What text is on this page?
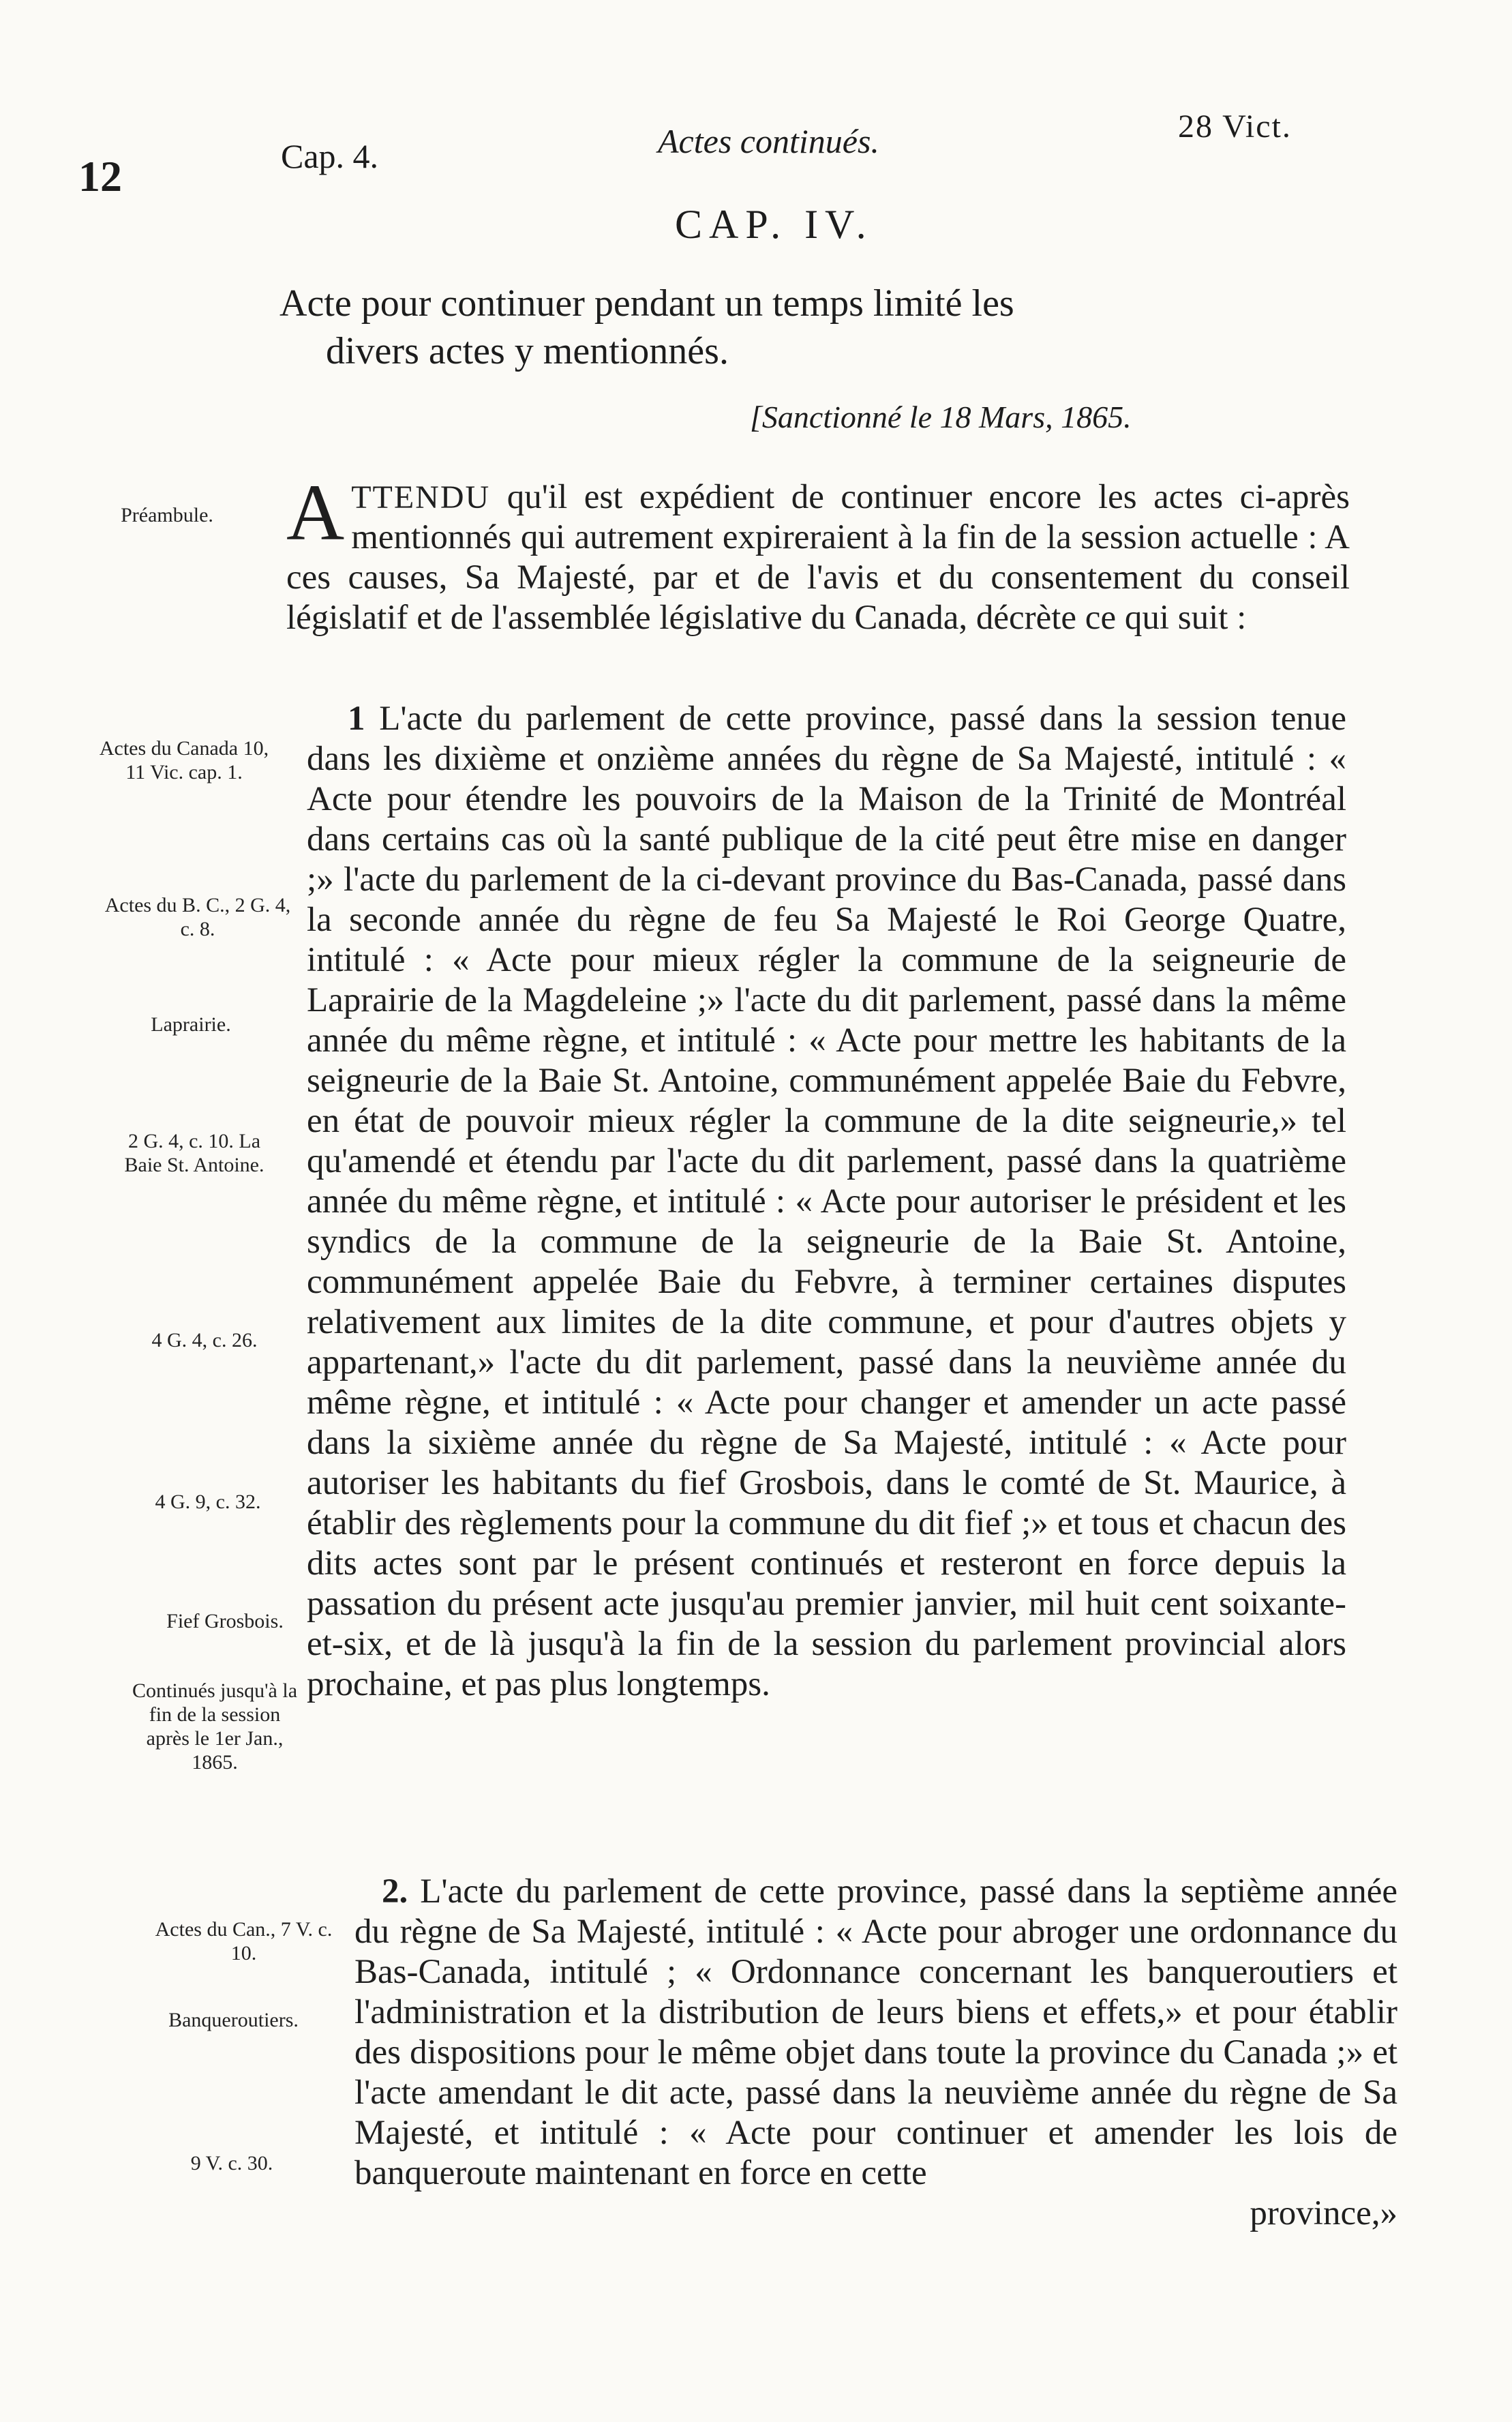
12	Cap. 4.	Actes continués.	28 Vict.
CAP. IV.
Acte pour continuer pendant un temps limité les
divers actes y mentionnés.
[Sanctionné le 18 Mars, 1865.
Préambule.
Actes du Canada 10, 11 Vic. cap. 1.
Actes du B. C., 2 G. 4, c. 8.
Laprairie.
2 G. 4, c. 10. La Baie St. Antoine.
4 G. 4, c. 26.
4 G. 9, c. 32.
Fief Grosbois.
Continués jusqu'à la fin de la session après le 1er Jan., 1865.
Actes du Can., 7 V. c. 10.
Banqueroutiers.
9 V. c. 30.
ATTENDU qu'il est expédient de continuer encore les actes ci-après mentionnés qui autrement expireraient à la fin de la session actuelle : A ces causes, Sa Majesté, par et de l'avis et du consentement du conseil législatif et de l'assemblée législative du Canada, décrète ce qui suit :
1 L'acte du parlement de cette province, passé dans la session tenue dans les dixième et onzième années du règne de Sa Majesté, intitulé : « Acte pour étendre les pouvoirs de la Maison de la Trinité de Montréal dans certains cas où la santé publique de la cité peut être mise en danger ;» l'acte du parlement de la ci-devant province du Bas-Canada, passé dans la seconde année du règne de feu Sa Majesté le Roi George Quatre, intitulé : « Acte pour mieux régler la commune de la seigneurie de Laprairie de la Magdeleine ;» l'acte du dit parlement, passé dans la même année du même règne, et intitulé : « Acte pour mettre les habitants de la seigneurie de la Baie St. Antoine, communément appelée Baie du Febvre, en état de pouvoir mieux régler la commune de la dite seigneurie,» tel qu'amendé et étendu par l'acte du dit parlement, passé dans la quatrième année du même règne, et intitulé : « Acte pour autoriser le président et les syndics de la commune de la seigneurie de la Baie St. Antoine, communément appelée Baie du Febvre, à terminer certaines disputes relativement aux limites de la dite commune, et pour d'autres objets y appartenant,» l'acte du dit parlement, passé dans la neuvième année du même règne, et intitulé : « Acte pour changer et amender un acte passé dans la sixième année du règne de Sa Majesté, intitulé : « Acte pour autoriser les habitants du fief Grosbois, dans le comté de St. Maurice, à établir des règlements pour la commune du dit fief ;» et tous et chacun des dits actes sont par le présent continués et resteront en force depuis la passation du présent acte jusqu'au premier janvier, mil huit cent soixante-et-six, et de là jusqu'à la fin de la session du parlement provincial alors prochaine, et pas plus longtemps.
2. L'acte du parlement de cette province, passé dans la septième année du règne de Sa Majesté, intitulé : « Acte pour abroger une ordonnance du Bas-Canada, intitulé ; « Ordonnance concernant les banqueroutiers et l'administration et la distribution de leurs biens et effets,» et pour établir des dispositions pour le même objet dans toute la province du Canada ;» et l'acte amendant le dit acte, passé dans la neuvième année du règne de Sa Majesté, et intitulé : « Acte pour continuer et amender les lois de banqueroute maintenant en force en cette
province,»
